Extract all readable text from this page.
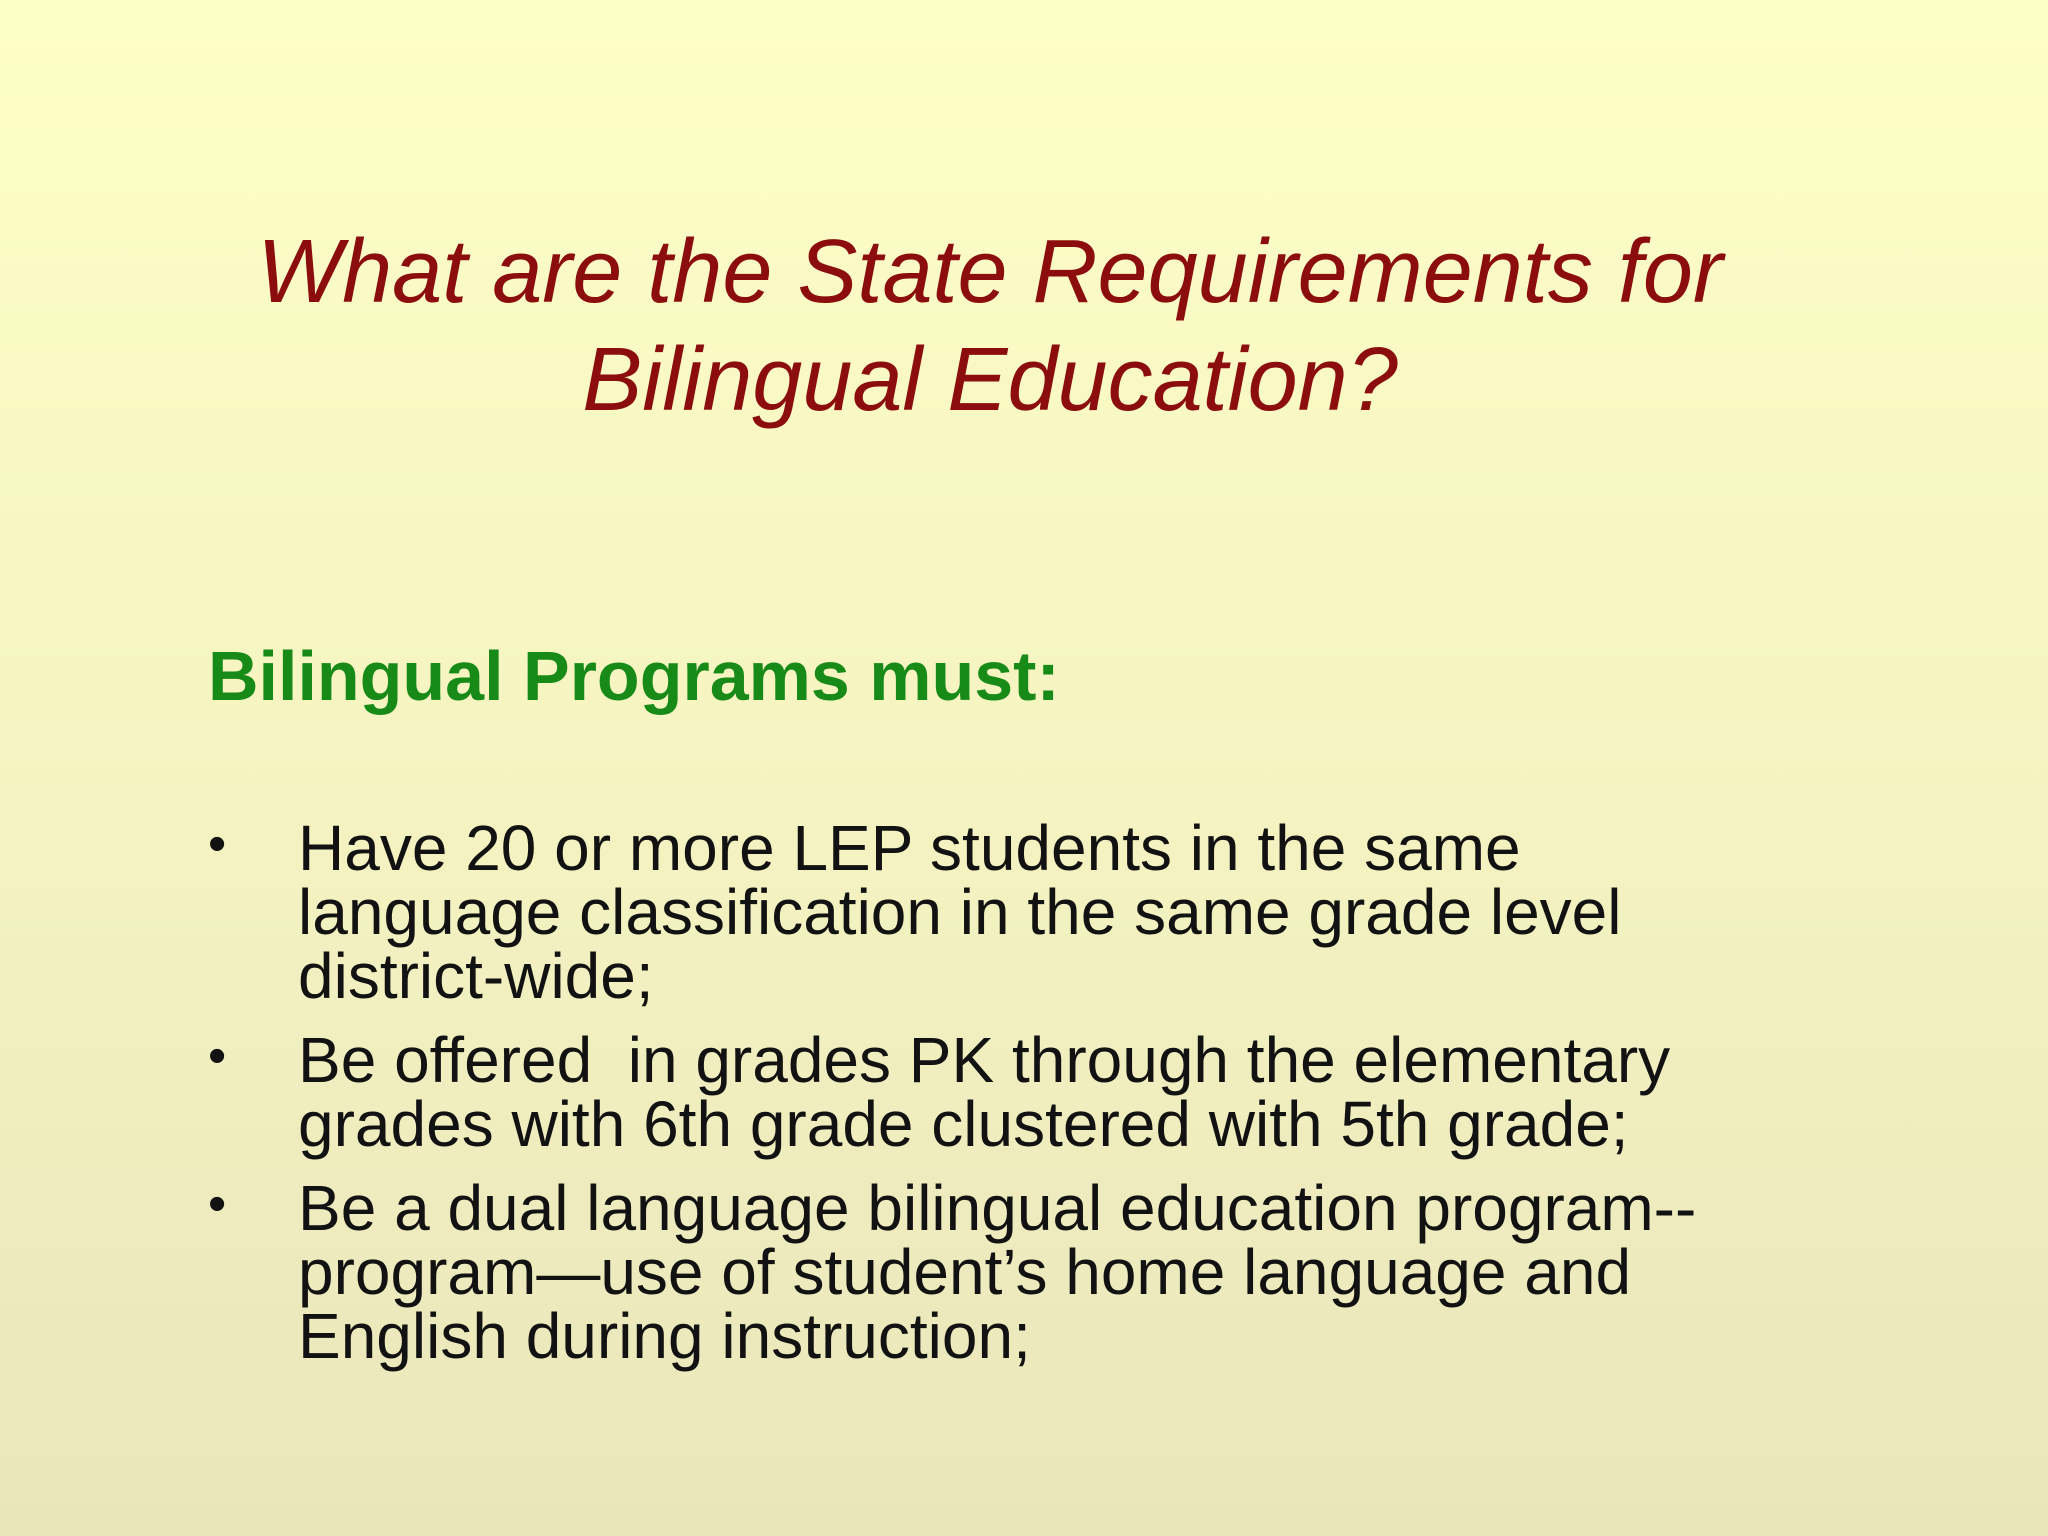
What are the State Requirements for
Bilingual Education?
Bilingual Programs must:
• Have 20 or more LEP students in the same
language classification in the same grade level
district-wide;
• Be offered  in grades PK through the elementary
grades with 6th grade clustered with 5th grade;
• Be a dual language bilingual education program--
program—use of student’s home language and
English during instruction;
